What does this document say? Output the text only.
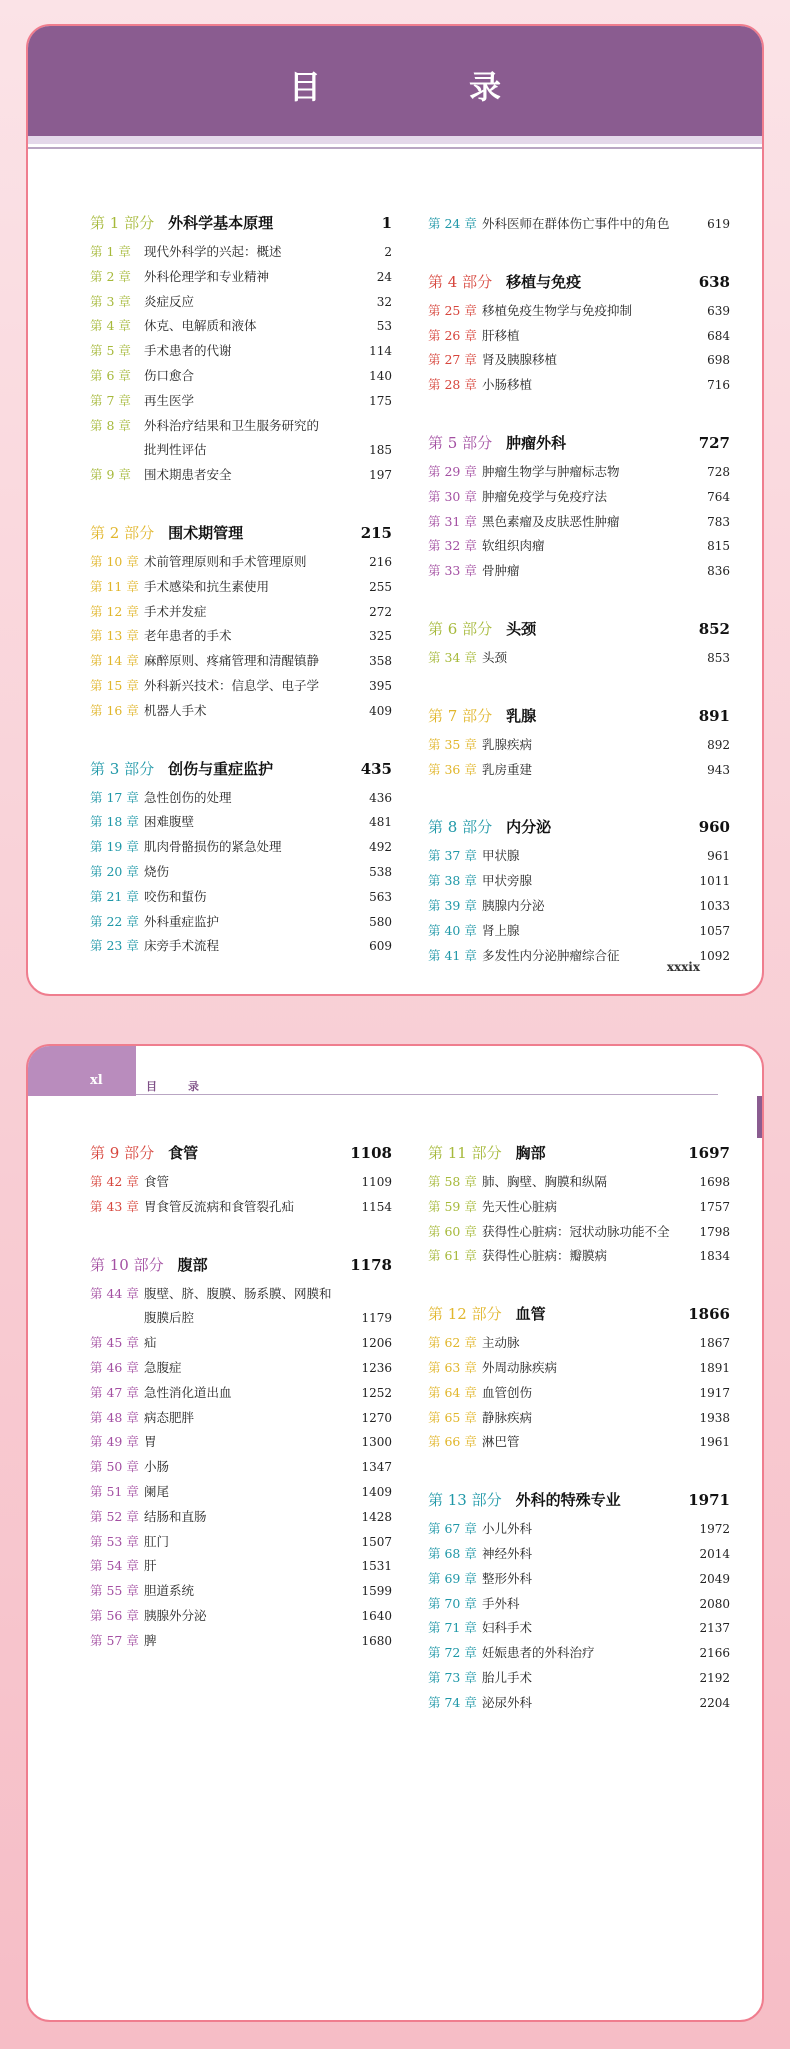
目　录
第 1 部分 外科学基本原理	1
第 1 章	现代外科学的兴起：概述	2
第 2 章	外科伦理学和专业精神	24
第 3 章	炎症反应	32
第 4 章	休克、电解质和液体	53
第 5 章	手术患者的代谢	114
第 6 章	伤口愈合	140
第 7 章	再生医学	175
第 8 章	外科治疗结果和卫生服务研究的
批判性评估	185
第 9 章	围术期患者安全	197
第 2 部分 围术期管理	215
第 10 章 术前管理原则和手术管理原则	216
第 11 章 手术感染和抗生素使用	255
第 12 章 手术并发症	272
第 13 章 老年患者的手术	325
第 14 章 麻醉原则、疼痛管理和清醒镇静	358
第 15 章 外科新兴技术：信息学、电子学	395
第 16 章 机器人手术	409
第 3 部分 创伤与重症监护	435
第 17 章 急性创伤的处理	436
第 18 章 困难腹壁	481
第 19 章 肌肉骨骼损伤的紧急处理	492
第 20 章 烧伤	538
第 21 章 咬伤和蜇伤	563
第 22 章 外科重症监护	580
第 23 章 床旁手术流程	609
第 24 章 外科医师在群体伤亡事件中的角色	619
第 4 部分 移植与免疫	638
第 25 章 移植免疫生物学与免疫抑制	639
第 26 章 肝移植	684
第 27 章 肾及胰腺移植	698
第 28 章 小肠移植	716
第 5 部分 肿瘤外科	727
第 29 章 肿瘤生物学与肿瘤标志物	728
第 30 章 肿瘤免疫学与免疫疗法	764
第 31 章 黑色素瘤及皮肤恶性肿瘤	783
第 32 章 软组织肉瘤	815
第 33 章 骨肿瘤	836
第 6 部分 头颈	852
第 34 章 头颈	853
第 7 部分 乳腺	891
第 35 章 乳腺疾病	892
第 36 章 乳房重建	943
第 8 部分 内分泌	960
第 37 章 甲状腺	961
第 38 章 甲状旁腺	1011
第 39 章 胰腺内分泌	1033
第 40 章 肾上腺	1057
第 41 章 多发性内分泌肿瘤综合征	1092
xxxix
xl	目　录
第 9 部分 食管	1108
第 42 章 食管	1109
第 43 章 胃食管反流病和食管裂孔疝	1154
第 10 部分 腹部	1178
第 44 章 腹壁、脐、腹膜、肠系膜、网膜和
腹膜后腔	1179
第 45 章 疝	1206
第 46 章 急腹症	1236
第 47 章 急性消化道出血	1252
第 48 章 病态肥胖	1270
第 49 章 胃	1300
第 50 章 小肠	1347
第 51 章 阑尾	1409
第 52 章 结肠和直肠	1428
第 53 章 肛门	1507
第 54 章 肝	1531
第 55 章 胆道系统	1599
第 56 章 胰腺外分泌	1640
第 57 章 脾	1680
第 11 部分 胸部	1697
第 58 章 肺、胸壁、胸膜和纵隔	1698
第 59 章 先天性心脏病	1757
第 60 章 获得性心脏病：冠状动脉功能不全	1798
第 61 章 获得性心脏病：瓣膜病	1834
第 12 部分 血管	1866
第 62 章 主动脉	1867
第 63 章 外周动脉疾病	1891
第 64 章 血管创伤	1917
第 65 章 静脉疾病	1938
第 66 章 淋巴管	1961
第 13 部分 外科的特殊专业	1971
第 67 章 小儿外科	1972
第 68 章 神经外科	2014
第 69 章 整形外科	2049
第 70 章 手外科	2080
第 71 章 妇科手术	2137
第 72 章 妊娠患者的外科治疗	2166
第 73 章 胎儿手术	2192
第 74 章 泌尿外科	2204
